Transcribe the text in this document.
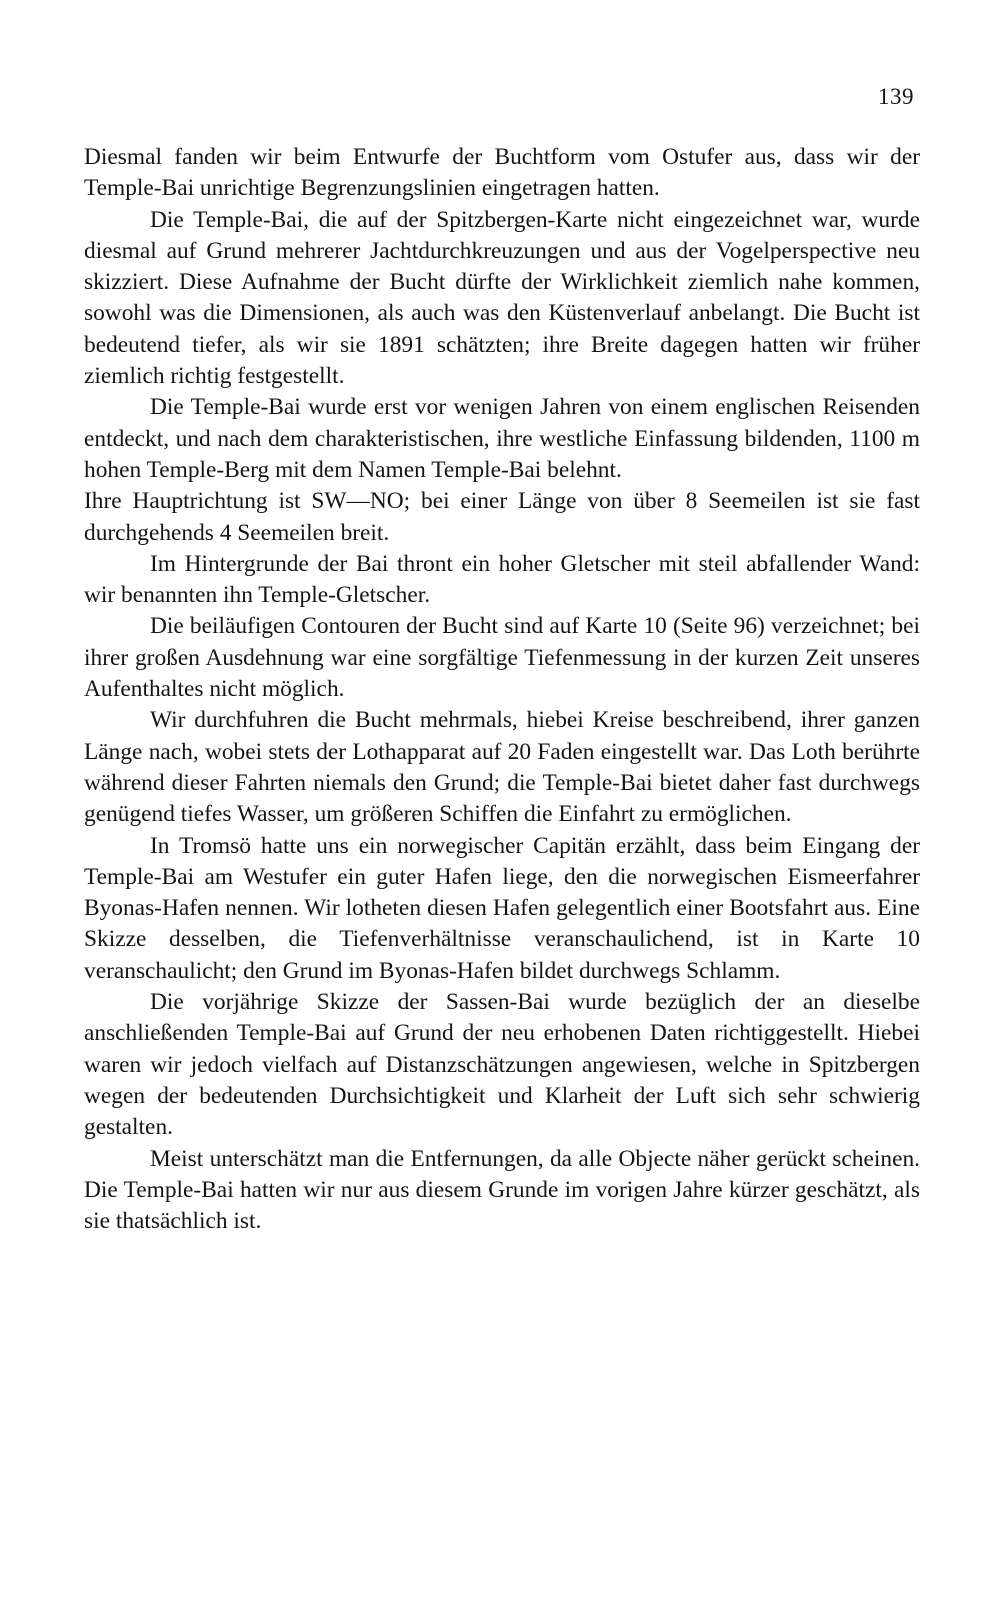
139

Diesmal fanden wir beim Entwurfe der Buchtform vom Ostufer aus, dass wir der Temple-Bai unrichtige Begrenzungslinien eingetragen hatten.

Die Temple-Bai, die auf der Spitzbergen-Karte nicht eingezeichnet war, wurde diesmal auf Grund mehrerer Jachtdurchkreuzungen und aus der Vogelperspective neu skizziert. Diese Aufnahme der Bucht dürfte der Wirklichkeit ziemlich nahe kommen, sowohl was die Dimensionen, als auch was den Küstenverlauf anbelangt. Die Bucht ist bedeutend tiefer, als wir sie 1891 schätzten; ihre Breite dagegen hatten wir früher ziemlich richtig festgestellt.

Die Temple-Bai wurde erst vor wenigen Jahren von einem englischen Reisenden entdeckt, und nach dem charakteristischen, ihre westliche Einfassung bildenden, 1100 m hohen Temple-Berg mit dem Namen Temple-Bai belehnt.

Ihre Hauptrichtung ist SW—NO; bei einer Länge von über 8 Seemeilen ist sie fast durchgehends 4 Seemeilen breit.

Im Hintergrunde der Bai thront ein hoher Gletscher mit steil abfallender Wand: wir benannten ihn Temple-Gletscher.

Die beiläufigen Contouren der Bucht sind auf Karte 10 (Seite 96) verzeichnet; bei ihrer großen Ausdehnung war eine sorgfältige Tiefenmessung in der kurzen Zeit unseres Aufenthaltes nicht möglich.

Wir durchfuhren die Bucht mehrmals, hiebei Kreise beschreibend, ihrer ganzen Länge nach, wobei stets der Lothapparat auf 20 Faden eingestellt war. Das Loth berührte während dieser Fahrten niemals den Grund; die Temple-Bai bietet daher fast durchwegs genügend tiefes Wasser, um größeren Schiffen die Einfahrt zu ermöglichen.

In Tromsö hatte uns ein norwegischer Capitän erzählt, dass beim Eingang der Temple-Bai am Westufer ein guter Hafen liege, den die norwegischen Eismeerfahrer Byonas-Hafen nennen. Wir lotheten diesen Hafen gelegentlich einer Bootsfahrt aus. Eine Skizze desselben, die Tiefenverhältnisse veranschaulichend, ist in Karte 10 veranschaulicht; den Grund im Byonas-Hafen bildet durchwegs Schlamm.

Die vorjährige Skizze der Sassen-Bai wurde bezüglich der an dieselbe anschließenden Temple-Bai auf Grund der neu erhobenen Daten richtiggestellt. Hiebei waren wir jedoch vielfach auf Distanzschätzungen angewiesen, welche in Spitzbergen wegen der bedeutenden Durchsichtigkeit und Klarheit der Luft sich sehr schwierig gestalten.

Meist unterschätzt man die Entfernungen, da alle Objecte näher gerückt scheinen. Die Temple-Bai hatten wir nur aus diesem Grunde im vorigen Jahre kürzer geschätzt, als sie thatsächlich ist.
